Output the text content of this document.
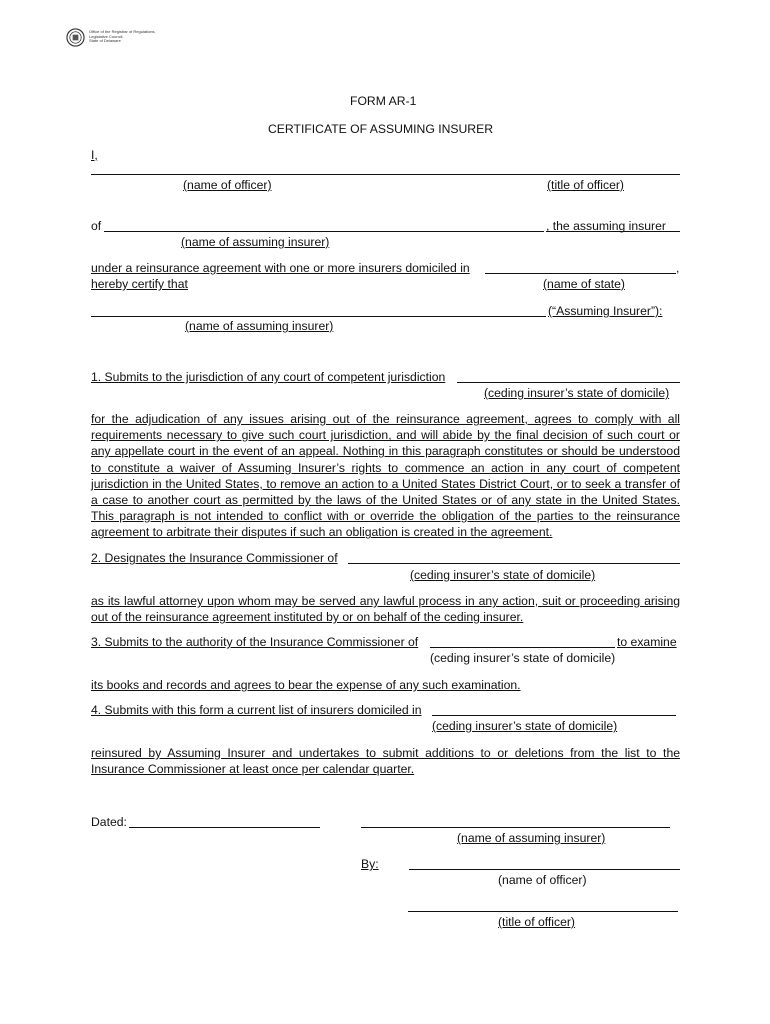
Office of the Registrar of Regulations,
Legislative Council,
State of Delaware
FORM AR-1
CERTIFICATE OF ASSUMING INSURER
I,
(name of officer)	(title of officer)
of	, the assuming insurer
(name of assuming insurer)
under a reinsurance agreement with one or more insurers domiciled in	,
hereby certify that	(name of state)
(“Assuming Insurer”):
(name of assuming insurer)
1. Submits to the jurisdiction of any court of competent jurisdiction
(ceding insurer’s state of domicile)
for the adjudication of any issues arising out of the reinsurance agreement, agrees to comply with all requirements necessary to give such court jurisdiction, and will abide by the final decision of such court or any appellate court in the event of an appeal. Nothing in this paragraph constitutes or should be understood to constitute a waiver of Assuming Insurer’s rights to commence an action in any court of competent jurisdiction in the United States, to remove an action to a United States District Court, or to seek a transfer of a case to another court as permitted by the laws of the United States or of any state in the United States. This paragraph is not intended to conflict with or override the obligation of the parties to the reinsurance agreement to arbitrate their disputes if such an obligation is created in the agreement.
2. Designates the Insurance Commissioner of
(ceding insurer’s state of domicile)
as its lawful attorney upon whom may be served any lawful process in any action, suit or proceeding arising out of the reinsurance agreement instituted by or on behalf of the ceding insurer.
3. Submits to the authority of the Insurance Commissioner of	to examine
(ceding insurer’s state of domicile)
its books and records and agrees to bear the expense of any such examination.
4. Submits with this form a current list of insurers domiciled in
(ceding insurer’s state of domicile)
reinsured by Assuming Insurer and undertakes to submit additions to or deletions from the list to the Insurance Commissioner at least once per calendar quarter.
Dated:
(name of assuming insurer)
By:
(name of officer)
(title of officer)
